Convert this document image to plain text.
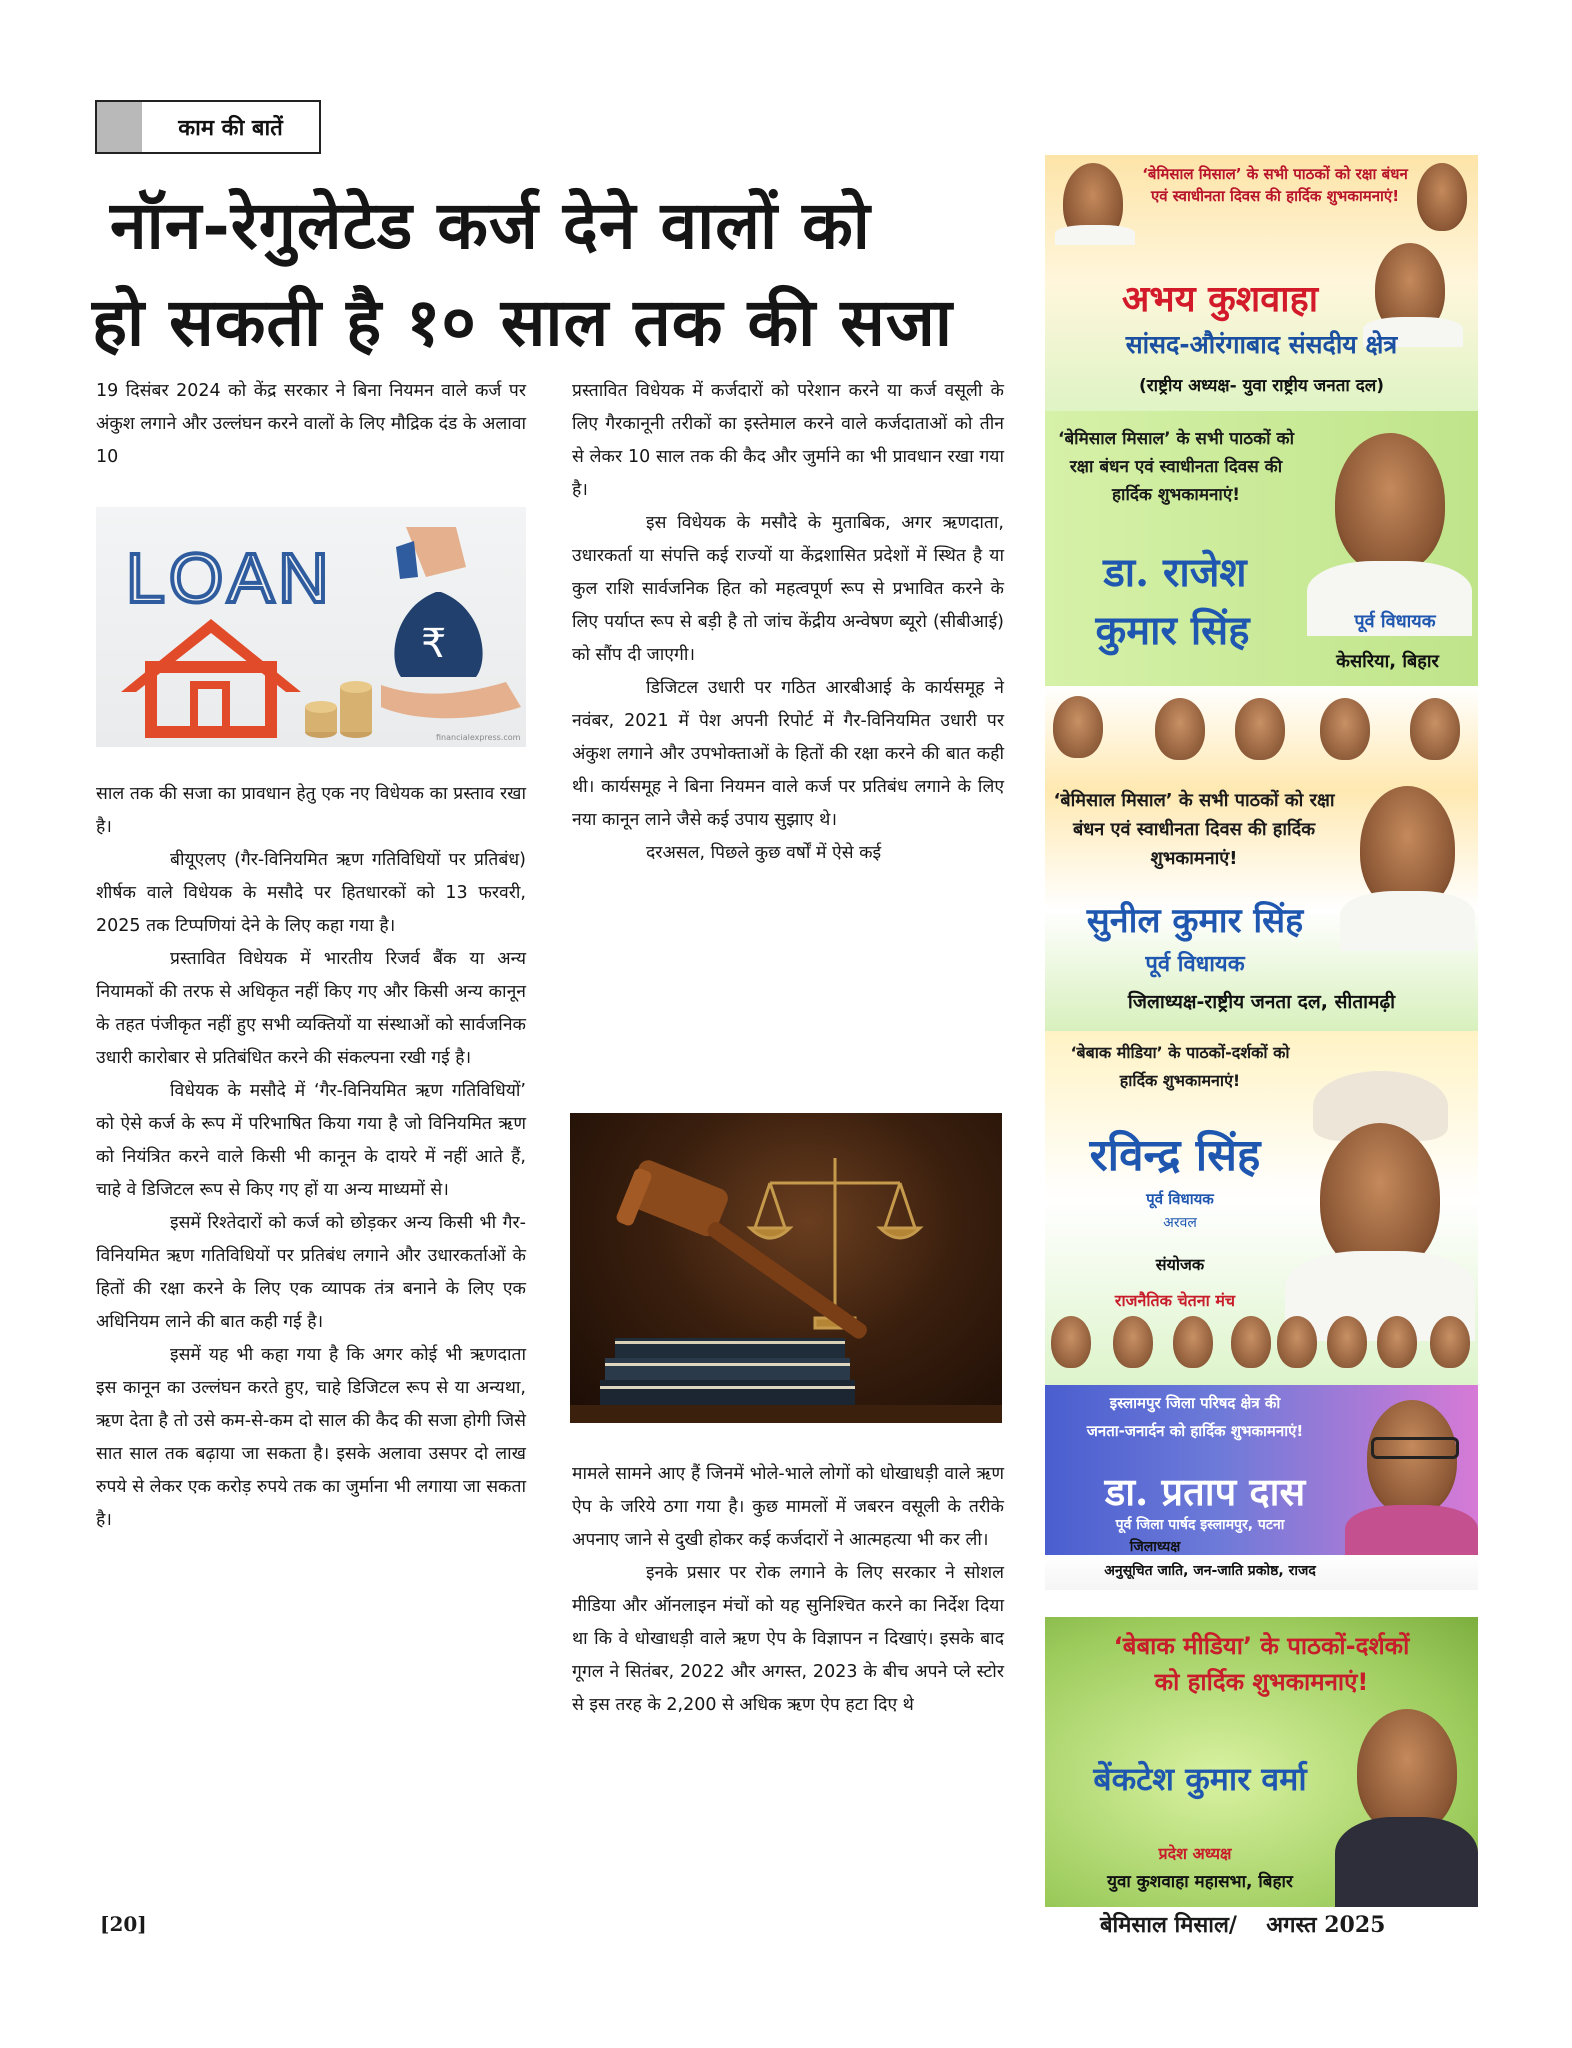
काम की बातें
नॉन-रेगुलेटेड कर्ज देने वालों को
हो सकती है १० साल तक की सजा

19 दिसंबर 2024 को केंद्र सरकार ने बिना नियमन वाले कर्ज पर अंकुश लगाने और उल्लंघन करने वालों के लिए मौद्रिक दंड के अलावा 10

LOAN
₹
financialexpress.com

साल तक की सजा का प्रावधान हेतु एक नए विधेयक का प्रस्ताव रखा है।

बीयूएलए (गैर-विनियमित ऋण गतिविधियों पर प्रतिबंध) शीर्षक वाले विधेयक के मसौदे पर हितधारकों को 13 फरवरी, 2025 तक टिप्पणियां देने के लिए कहा गया है।

प्रस्तावित विधेयक में भारतीय रिजर्व बैंक या अन्य नियामकों की तरफ से अधिकृत नहीं किए गए और किसी अन्य कानून के तहत पंजीकृत नहीं हुए सभी व्यक्तियों या संस्थाओं को सार्वजनिक उधारी कारोबार से प्रतिबंधित करने की संकल्पना रखी गई है।

विधेयक के मसौदे में ‘गैर-विनियमित ऋण गतिविधियों’ को ऐसे कर्ज के रूप में परिभाषित किया गया है जो विनियमित ऋण को नियंत्रित करने वाले किसी भी कानून के दायरे में नहीं आते हैं, चाहे वे डिजिटल रूप से किए गए हों या अन्य माध्यमों से।

इसमें रिश्तेदारों को कर्ज को छोड़कर अन्य किसी भी गैर-विनियमित ऋण गतिविधियों पर प्रतिबंध लगाने और उधारकर्ताओं के हितों की रक्षा करने के लिए एक व्यापक तंत्र बनाने के लिए एक अधिनियम लाने की बात कही गई है।

इसमें यह भी कहा गया है कि अगर कोई भी ऋणदाता इस कानून का उल्लंघन करते हुए, चाहे डिजिटल रूप से या अन्यथा, ऋण देता है तो उसे कम-से-कम दो साल की कैद की सजा होगी जिसे सात साल तक बढ़ाया जा सकता है। इसके अलावा उसपर दो लाख रुपये से लेकर एक करोड़ रुपये तक का जुर्माना भी लगाया जा सकता है।

प्रस्तावित विधेयक में कर्जदारों को परेशान करने या कर्ज वसूली के लिए गैरकानूनी तरीकों का इस्तेमाल करने वाले कर्जदाताओं को तीन से लेकर 10 साल तक की कैद और जुर्माने का भी प्रावधान रखा गया है।

इस विधेयक के मसौदे के मुताबिक, अगर ऋणदाता, उधारकर्ता या संपत्ति कई राज्यों या केंद्रशासित प्रदेशों में स्थित है या कुल राशि सार्वजनिक हित को महत्वपूर्ण रूप से प्रभावित करने के लिए पर्याप्त रूप से बड़ी है तो जांच केंद्रीय अन्वेषण ब्यूरो (सीबीआई) को सौंप दी जाएगी।

डिजिटल उधारी पर गठित आरबीआई के कार्यसमूह ने नवंबर, 2021 में पेश अपनी रिपोर्ट में गैर-विनियमित उधारी पर अंकुश लगाने और उपभोक्ताओं के हितों की रक्षा करने की बात कही थी। कार्यसमूह ने बिना नियमन वाले कर्ज पर प्रतिबंध लगाने के लिए नया कानून लाने जैसे कई उपाय सुझाए थे।

दरअसल, पिछले कुछ वर्षों में ऐसे कई

मामले सामने आए हैं जिनमें भोले-भाले लोगों को धोखाधड़ी वाले ऋण ऐप के जरिये ठगा गया है। कुछ मामलों में जबरन वसूली के तरीके अपनाए जाने से दुखी होकर कई कर्जदारों ने आत्महत्या भी कर ली।

इनके प्रसार पर रोक लगाने के लिए सरकार ने सोशल मीडिया और ऑनलाइन मंचों को यह सुनिश्चित करने का निर्देश दिया था कि वे धोखाधड़ी वाले ऋण ऐप के विज्ञापन न दिखाएं। इसके बाद गूगल ने सितंबर, 2022 और अगस्त, 2023 के बीच अपने प्ले स्टोर से इस तरह के 2,200 से अधिक ऋण ऐप हटा दिए थे

‘बेमिसाल मिसाल’ के सभी पाठकों को रक्षा बंधन एवं स्वाधीनता दिवस की हार्दिक शुभकामनाएं!
अभय कुशवाहा
सांसद-औरंगाबाद संसदीय क्षेत्र
(राष्ट्रीय अध्यक्ष- युवा राष्ट्रीय जनता दल)
‘बेमिसाल मिसाल’ के सभी पाठकों को रक्षा बंधन एवं स्वाधीनता दिवस की हार्दिक शुभकामनाएं!
डा. राजेश
कुमार सिंह	पूर्व विधायक
केसरिया, बिहार
‘बेमिसाल मिसाल’ के सभी पाठकों को रक्षा बंधन एवं स्वाधीनता दिवस की हार्दिक शुभकामनाएं!
सुनील कुमार सिंह
पूर्व विधायक
जिलाध्यक्ष-राष्ट्रीय जनता दल, सीतामढ़ी
‘बेबाक मीडिया’ के पाठकों-दर्शकों को हार्दिक शुभकामनाएं!
रविन्द्र सिंह
पूर्व विधायक
अरवल
संयोजक
राजनैतिक चेतना मंच
इस्लामपुर जिला परिषद क्षेत्र की
जनता-जनार्दन को हार्दिक शुभकामनाएं!
डा. प्रताप दास
पूर्व जिला पार्षद इस्लामपुर, पटना
जिलाध्यक्ष
अनुसूचित जाति, जन-जाति प्रकोष्ठ, राजद
‘बेबाक मीडिया’ के पाठकों-दर्शकों
को हार्दिक शुभकामनाएं!
बेंकटेश कुमार वर्मा
प्रदेश अध्यक्ष
युवा कुशवाहा महासभा, बिहार
[20]	बेमिसाल मिसाल/ अगस्त 2025
